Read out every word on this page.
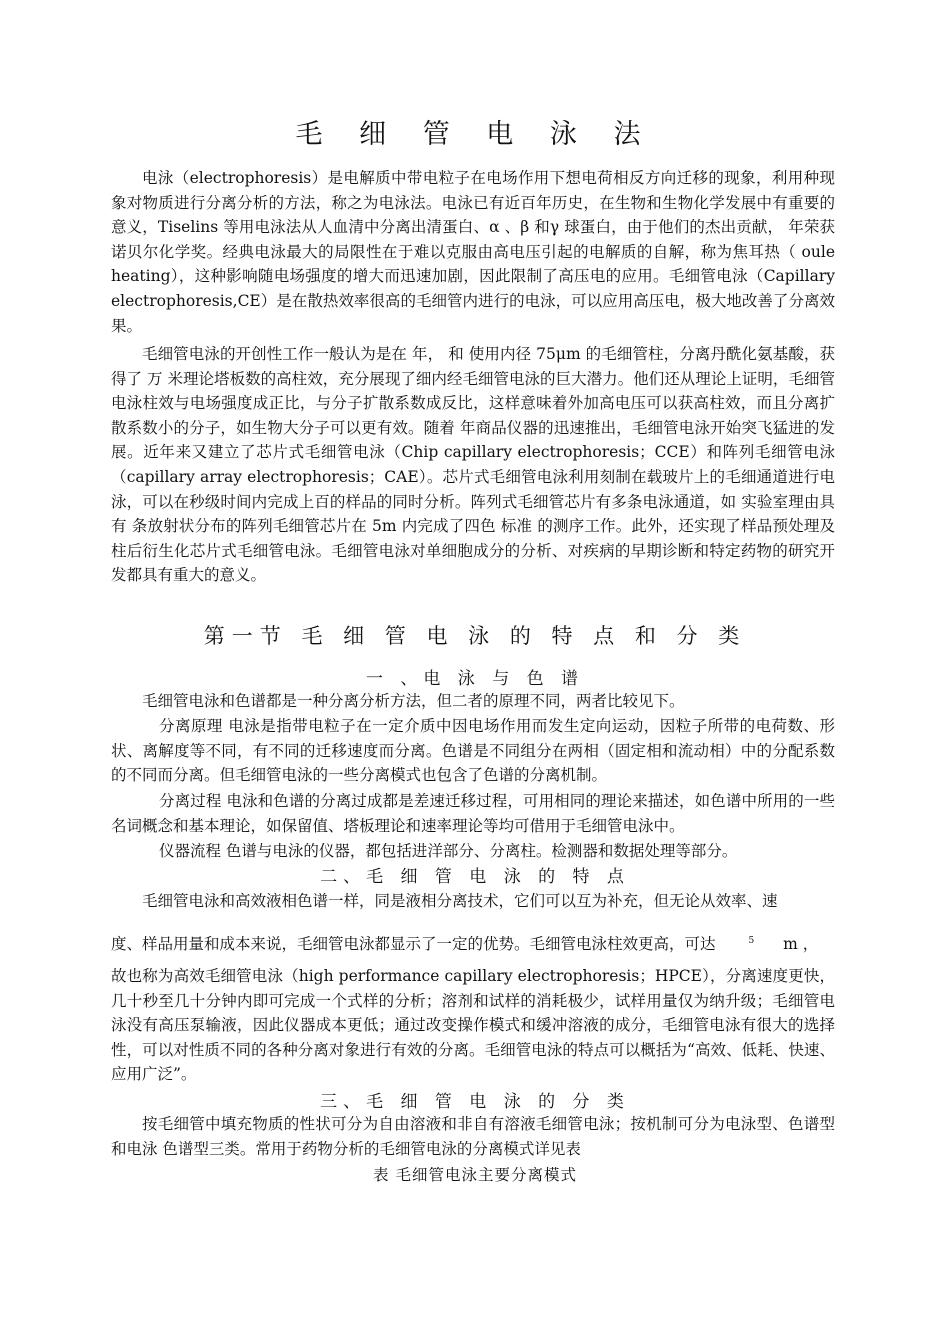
毛 细 管 电 泳 法

电泳（electrophoresis）是电解质中带电粒子在电场作用下想电荷相反方向迁移的现象，利用种现象对物质进行分离分析的方法，称之为电泳法。电泳已有近百年历史，在生物和生物化学发展中有重要的意义，Tiselins 等用电泳法从人血清中分离出清蛋白、α 、β 和γ 球蛋白，由于他们的杰出贡献， 年荣获诺贝尔化学奖。经典电泳最大的局限性在于难以克服由高电压引起的电解质的自解，称为焦耳热（ oule heating），这种影响随电场强度的增大而迅速加剧，因此限制了高压电的应用。毛细管电泳（Capillary electrophoresis,CE）是在散热效率很高的毛细管内进行的电泳，可以应用高压电，极大地改善了分离效果。

毛细管电泳的开创性工作一般认为是在 年， 和 使用内径 75μm 的毛细管柱，分离丹酰化氨基酸，获得了 万 米理论塔板数的高柱效，充分展现了细内经毛细管电泳的巨大潜力。他们还从理论上证明，毛细管电泳柱效与电场强度成正比，与分子扩散系数成反比，这样意味着外加高电压可以获高柱效，而且分离扩散系数小的分子，如生物大分子可以更有效。随着 年商品仪器的迅速推出，毛细管电泳开始突飞猛进的发展。近年来又建立了芯片式毛细管电泳（Chip capillary electrophoresis；CCE）和阵列毛细管电泳（capillary array electrophoresis；CAE）。芯片式毛细管电泳利用刻制在载玻片上的毛细通道进行电泳，可以在秒级时间内完成上百的样品的同时分析。阵列式毛细管芯片有多条电泳通道，如 实验室理由具有 条放射状分布的阵列毛细管芯片在 5m 内完成了四色 标准 的测序工作。此外，还实现了样品预处理及柱后衍生化芯片式毛细管电泳。毛细管电泳对单细胞成分的分析、对疾病的早期诊断和特定药物的研究开发都具有重大的意义。

第一节 毛 细 管 电 泳 的 特 点 和 分 类
一 、电 泳 与 色 谱

毛细管电泳和色谱都是一种分离分析方法，但二者的原理不同，两者比较见下。

分离原理 电泳是指带电粒子在一定介质中因电场作用而发生定向运动，因粒子所带的电荷数、形状、离解度等不同，有不同的迁移速度而分离。色谱是不同组分在两相（固定相和流动相）中的分配系数的不同而分离。但毛细管电泳的一些分离模式也包含了色谱的分离机制。

分离过程 电泳和色谱的分离过成都是差速迁移过程，可用相同的理论来描述，如色谱中所用的一些名词概念和基本理论，如保留值、塔板理论和速率理论等均可借用于毛细管电泳中。

仪器流程 色谱与电泳的仪器，都包括进洋部分、分离柱。检测器和数据处理等部分。

二、毛 细 管 电 泳 的 特 点

毛细管电泳和高效液相色谱一样，同是液相分离技术，它们可以互为补充，但无论从效率、速

度、样品用量和成本来说，毛细管电泳都显示了一定的优势。毛细管电泳柱效更高，可达	$^5$ m ，

故也称为高效毛细管电泳（high performance capillary electrophoresis；HPCE），分离速度更快，几十秒至几十分钟内即可完成一个式样的分析；溶剂和试样的消耗极少，试样用量仅为纳升级；毛细管电泳没有高压泵输液，因此仪器成本更低；通过改变操作模式和缓冲溶液的成分，毛细管电泳有很大的选择性，可以对性质不同的各种分离对象进行有效的分离。毛细管电泳的特点可以概括为“高效、低耗、快速、应用广泛”。

三、毛 细 管 电 泳 的 分 类

按毛细管中填充物质的性状可分为自由溶液和非自有溶液毛细管电泳；按机制可分为电泳型、色谱型和电泳 色谱型三类。常用于药物分析的毛细管电泳的分离模式详见表

表 毛细管电泳主要分离模式
